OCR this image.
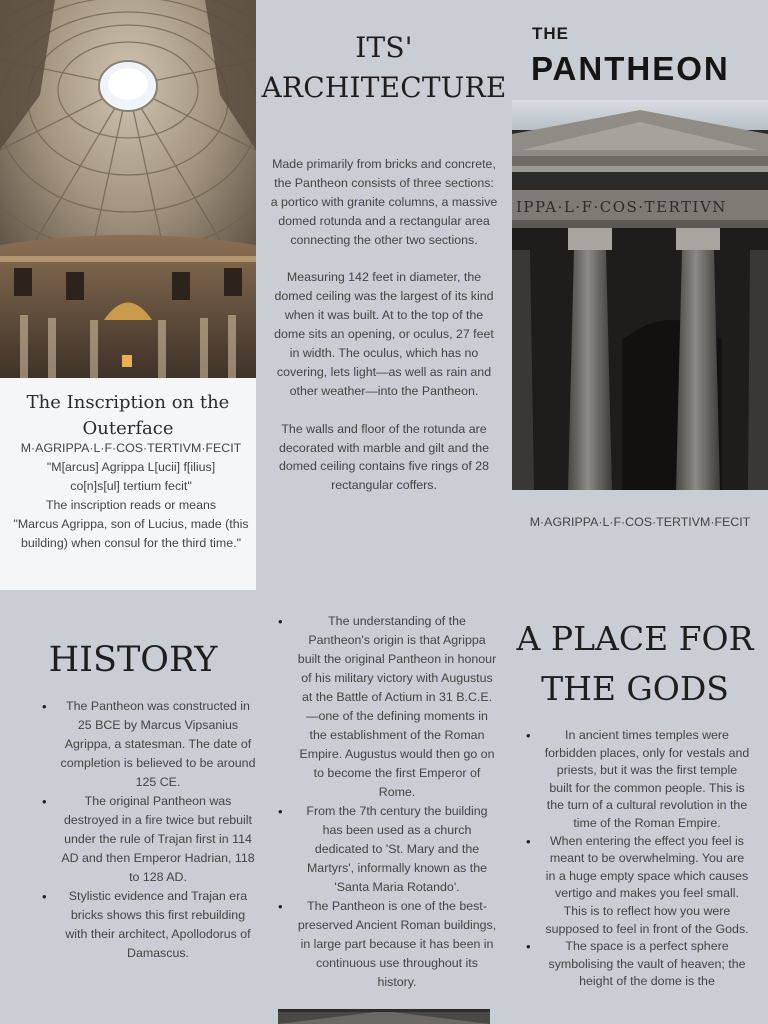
The Inscription on the Outerface

M·AGRIPPA·L·F·COS·TERTIVM·FECIT

"M[arcus] Agrippa L[ucii] f[ilius]

co[n]s[ul] tertium fecit"

The inscription reads or means

"Marcus Agrippa, son of Lucius, made (this building) when consul for the third time."

ITS' ARCHITECTURE

Made primarily from bricks and concrete, the Pantheon consists of three sections: a portico with granite columns, a massive domed rotunda and a rectangular area connecting the other two sections.

Measuring 142 feet in diameter, the domed ceiling was the largest of its kind when it was built. At to the top of the dome sits an opening, or oculus, 27 feet in width. The oculus, which has no covering, lets light—as well as rain and other weather—into the Pantheon.

The walls and floor of the rotunda are decorated with marble and gilt and the domed ceiling contains five rings of 28 rectangular coffers.

THE
PANTHEON
IPPA·L·F·COS·TERTIVN
M·AGRIPPA·L·F·COS·TERTIVM·FECIT
HISTORY
• The Pantheon was constructed in 25 BCE by Marcus Vipsanius Agrippa, a statesman. The date of completion is believed to be around 125 CE.
• The original Pantheon was destroyed in a fire twice but rebuilt under the rule of Trajan first in 114 AD and then Emperor Hadrian, 118 to 128 AD.
• Stylistic evidence and Trajan era bricks shows this first rebuilding with their architect, Apollodorus of Damascus.
• The understanding of the Pantheon's origin is that Agrippa built the original Pantheon in honour of his military victory with Augustus at the Battle of Actium in 31 B.C.E.—one of the defining moments in the establishment of the Roman Empire. Augustus would then go on to become the first Emperor of Rome.
• From the 7th century the building has been used as a church dedicated to 'St. Mary and the Martyrs', informally known as the 'Santa Maria Rotando'.
• The Pantheon is one of the best-preserved Ancient Roman buildings, in large part because it has been in continuous use throughout its history.
A PLACE FOR THE GODS
• In ancient times temples were forbidden places, only for vestals and priests, but it was the first temple built for the common people. This is the turn of a cultural revolution in the time of the Roman Empire.
• When entering the effect you feel is meant to be overwhelming. You are in a huge empty space which causes vertigo and makes you feel small. This is to reflect how you were supposed to feel in front of the Gods.
• The space is a perfect sphere symbolising the vault of heaven; the height of the dome is the
